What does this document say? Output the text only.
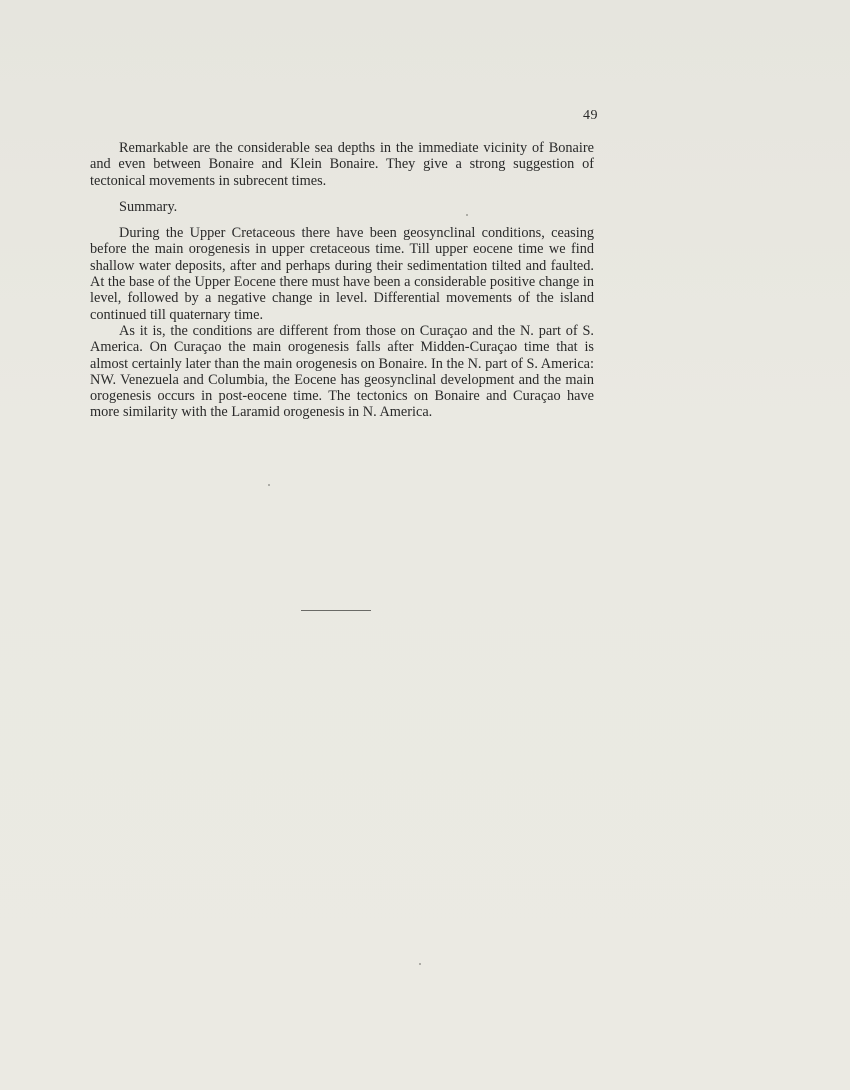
49

Remarkable are the considerable sea depths in the immediate vicinity of Bonaire and even between Bonaire and Klein Bonaire. They give a strong suggestion of tectonical movements in subrecent times.

Summary.

During the Upper Cretaceous there have been geosynclinal conditions, ceasing before the main orogenesis in upper cretaceous time. Till upper eocene time we find shallow water deposits, after and perhaps during their sedimentation tilted and faulted. At the base of the Upper Eocene there must have been a considerable positive change in level, followed by a negative change in level. Differential movements of the island continued till quaternary time.

As it is, the conditions are different from those on Curaçao and the N. part of S. America. On Curaçao the main orogenesis falls after Midden-Curaçao time that is almost certainly later than the main orogenesis on Bonaire. In the N. part of S. America: NW. Venezuela and Columbia, the Eocene has geosynclinal development and the main orogenesis occurs in post-eocene time. The tectonics on Bonaire and Curaçao have more similarity with the Laramid orogenesis in N. America.
